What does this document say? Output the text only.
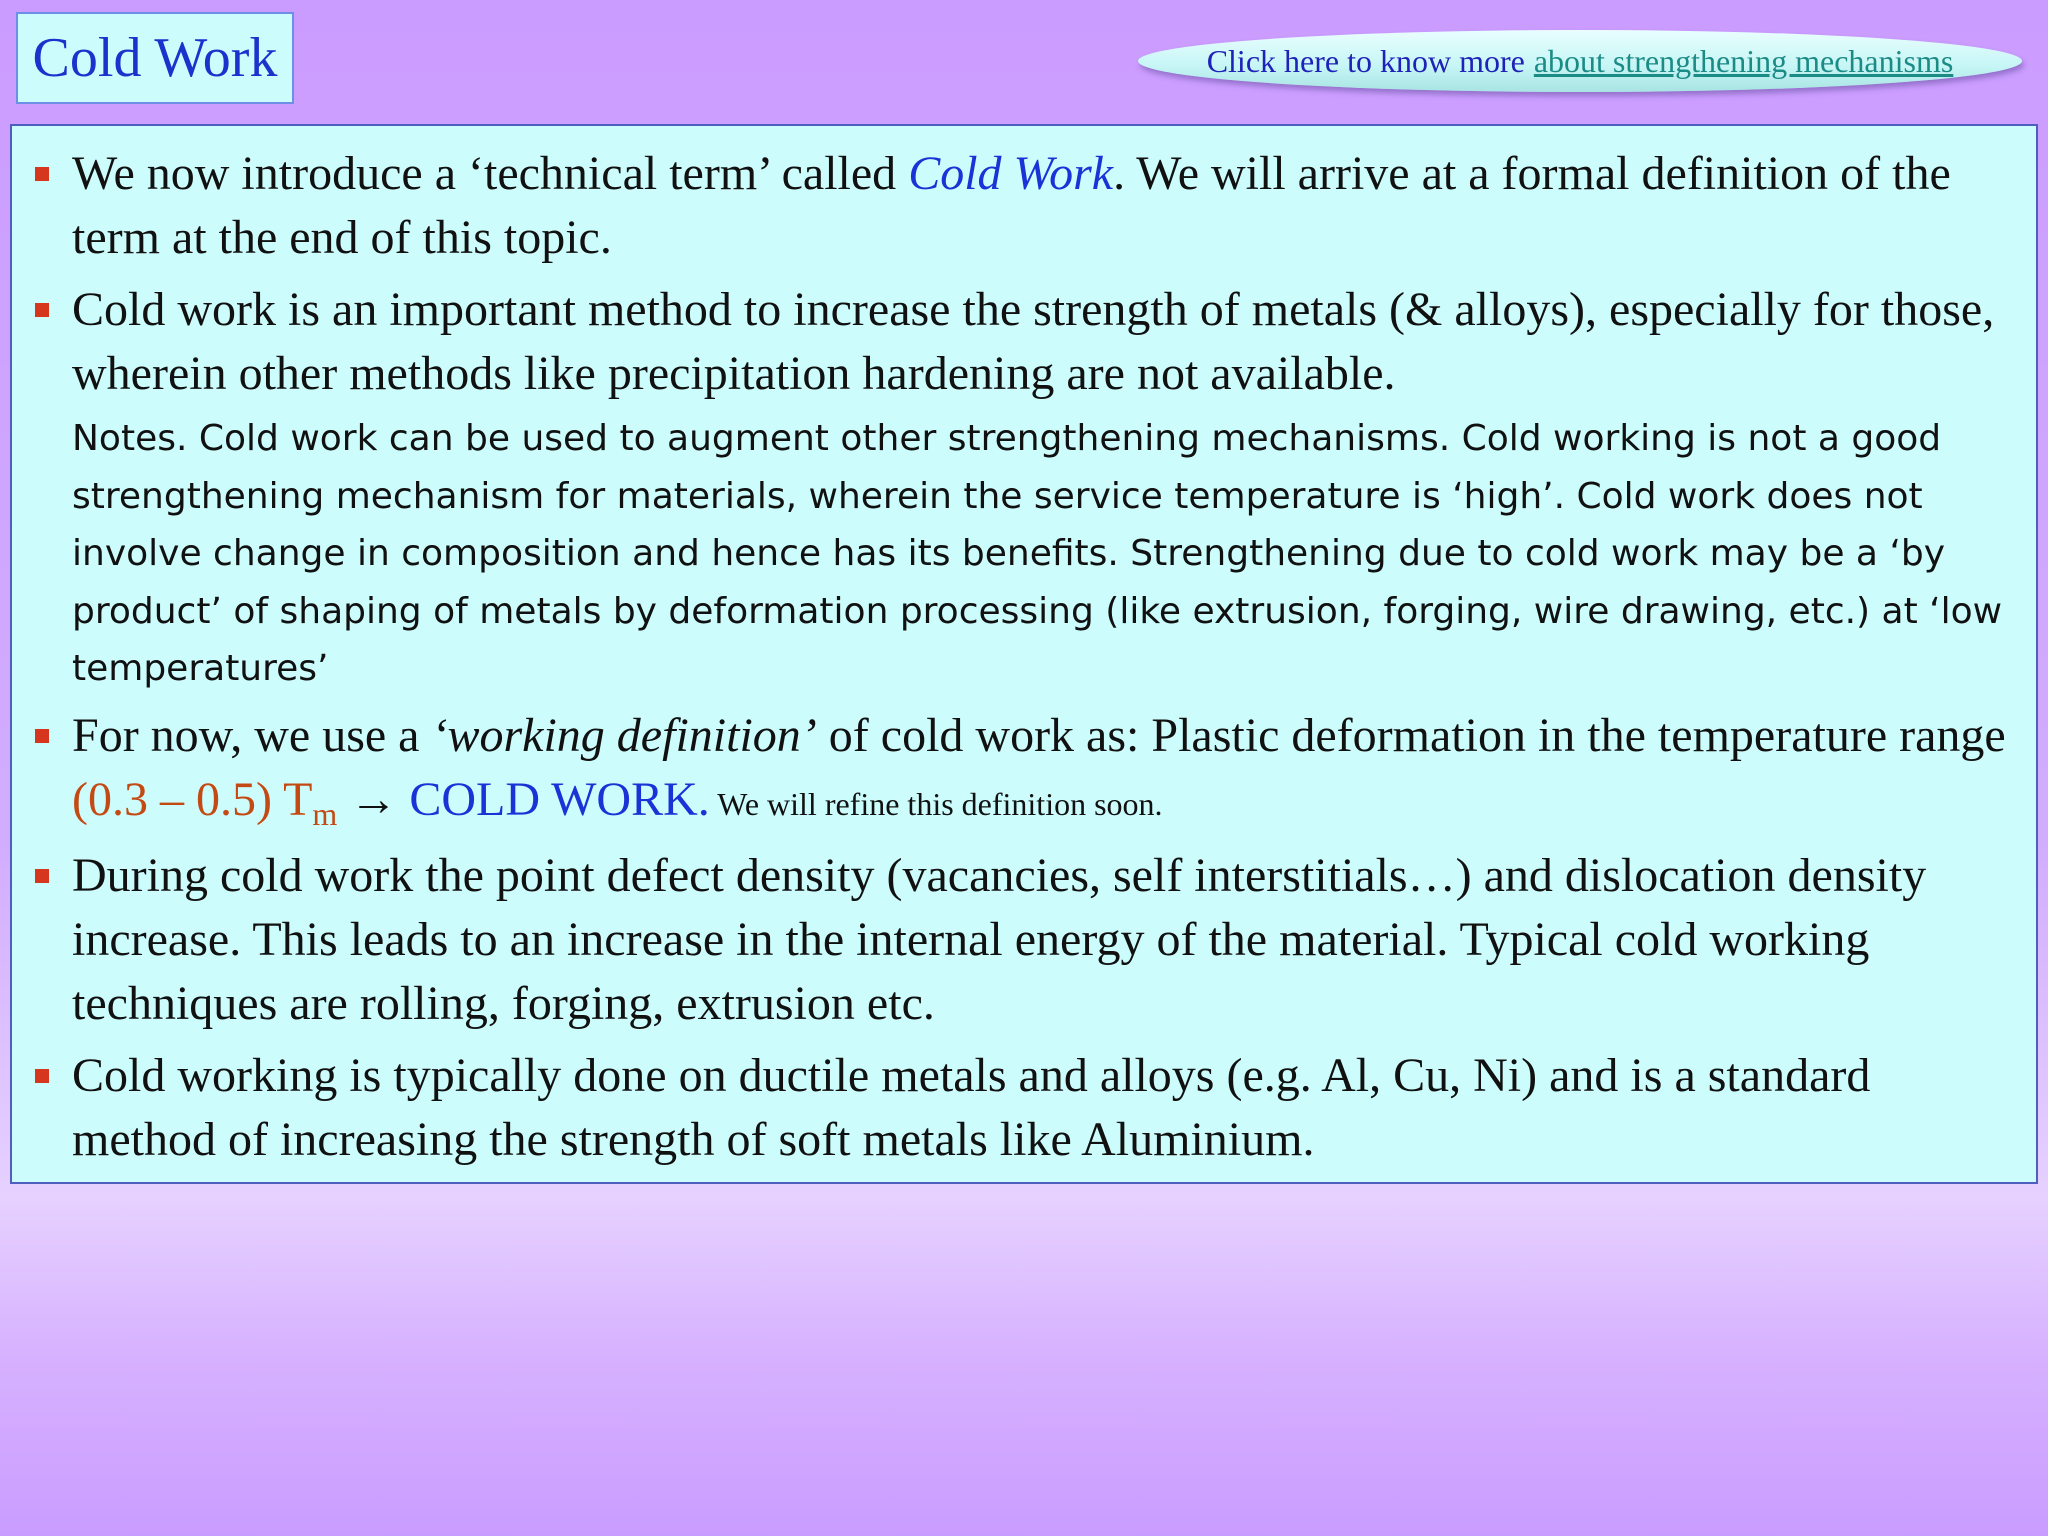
Cold Work	Click here to know more about strengthening mechanisms
We now introduce a ‘technical term’ called Cold Work. We will arrive at a formal definition of the term at the end of this topic.
Cold work is an important method to increase the strength of metals (& alloys), especially for those, wherein other methods like precipitation hardening are not available.
Notes. Cold work can be used to augment other strengthening mechanisms. Cold working is not a good strengthening mechanism for materials, wherein the service temperature is ‘high’. Cold work does not involve change in composition and hence has its benefits. Strengthening due to cold work may be a ‘by product’ of shaping of metals by deformation processing (like extrusion, forging, wire drawing, etc.) at ‘low temperatures’
For now, we use a ‘working definition’ of cold work as: Plastic deformation in the temperature range (0.3 – 0.5) $T_m$ → COLD WORK. We will refine this definition soon.
During cold work the point defect density (vacancies, self interstitials…) and dislocation density increase. This leads to an increase in the internal energy of the material. Typical cold working techniques are rolling, forging, extrusion etc.
Cold working is typically done on ductile metals and alloys (e.g. Al, Cu, Ni) and is a standard method of increasing the strength of soft metals like Aluminium.
